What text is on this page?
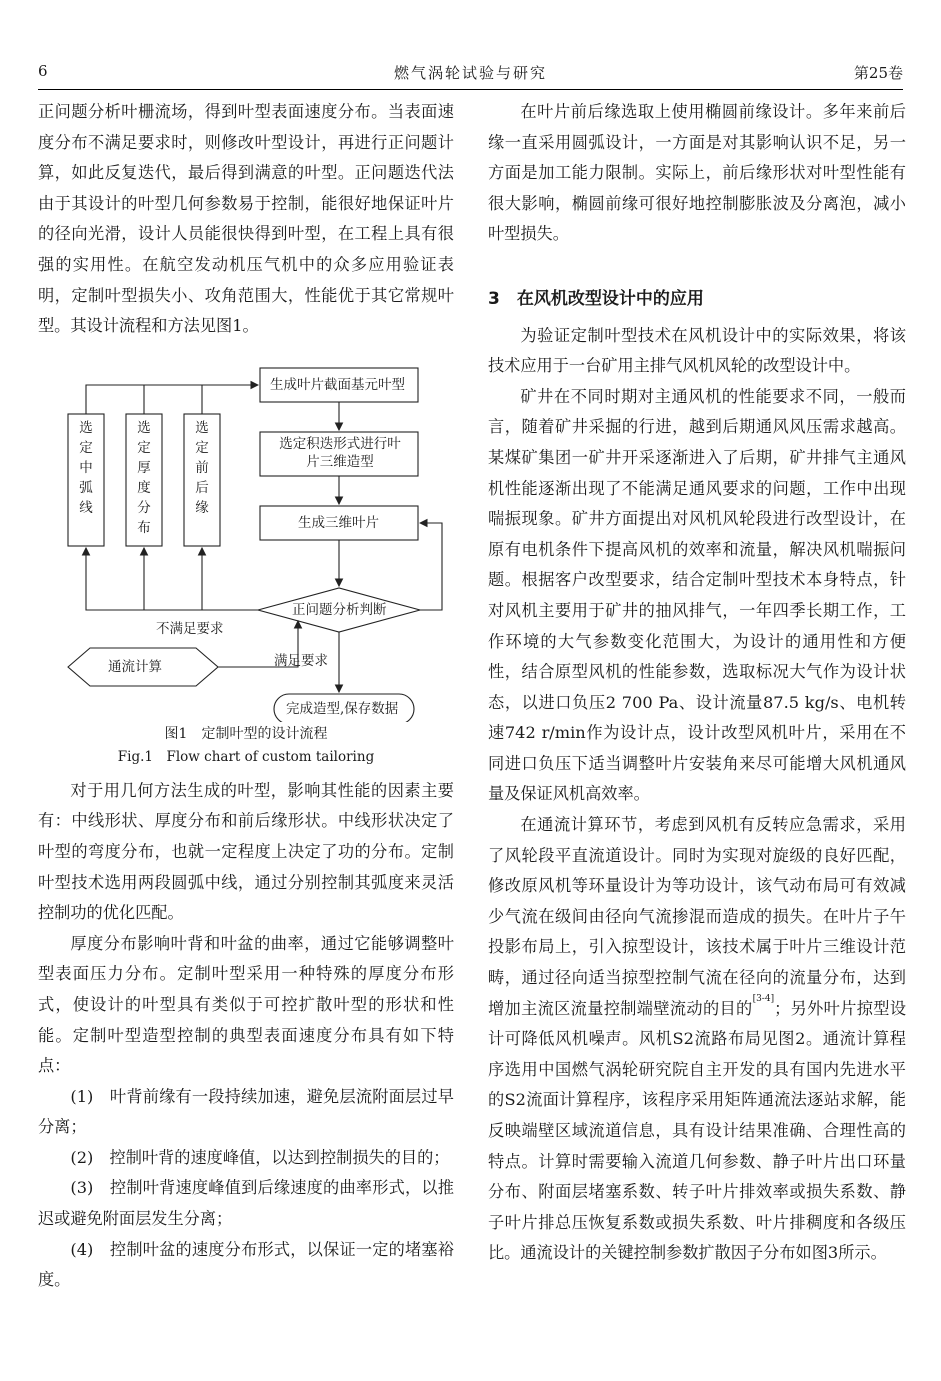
6	燃气涡轮试验与研究	第25卷

正问题分析叶栅流场，得到叶型表面速度分布。当表面速度分布不满足要求时，则修改叶型设计，再进行正问题计算，如此反复迭代，最后得到满意的叶型。正问题迭代法由于其设计的叶型几何参数易于控制，能很好地保证叶片的径向光滑，设计人员能很快得到叶型，在工程上具有很强的实用性。在航空发动机压气机中的众多应用验证表明，定制叶型损失小、攻角范围大，性能优于其它常规叶型。其设计流程和方法见图1。

生成叶片截面基元叶型
选定积迭形式进行叶片三维造型
生成三维叶片
选定中弧线
选定厚度分布
选定前后缘
正问题分析判断
通流计算
不满足要求
满足要求
完成造型,保存数据

图1　定制叶型的设计流程

Fig.1　Flow chart of custom tailoring

对于用几何方法生成的叶型，影响其性能的因素主要有：中线形状、厚度分布和前后缘形状。中线形状决定了叶型的弯度分布，也就一定程度上决定了功的分布。定制叶型技术选用两段圆弧中线，通过分别控制其弧度来灵活控制功的优化匹配。

厚度分布影响叶背和叶盆的曲率，通过它能够调整叶型表面压力分布。定制叶型采用一种特殊的厚度分布形式，使设计的叶型具有类似于可控扩散叶型的形状和性能。定制叶型造型控制的典型表面速度分布具有如下特点：

(1)　叶背前缘有一段持续加速，避免层流附面层过早分离；

(2)　控制叶背的速度峰值，以达到控制损失的目的；

(3)　控制叶背速度峰值到后缘速度的曲率形式，以推迟或避免附面层发生分离；

(4)　控制叶盆的速度分布形式，以保证一定的堵塞裕度。

在叶片前后缘选取上使用椭圆前缘设计。多年来前后缘一直采用圆弧设计，一方面是对其影响认识不足，另一方面是加工能力限制。实际上，前后缘形状对叶型性能有很大影响，椭圆前缘可很好地控制膨胀波及分离泡，减小叶型损失。

3　在风机改型设计中的应用

为验证定制叶型技术在风机设计中的实际效果，将该技术应用于一台矿用主排气风机风轮的改型设计中。

矿井在不同时期对主通风机的性能要求不同，一般而言，随着矿井采掘的行进，越到后期通风风压需求越高。某煤矿集团一矿井开采逐渐进入了后期，矿井排气主通风机性能逐渐出现了不能满足通风要求的问题，工作中出现喘振现象。矿井方面提出对风机风轮段进行改型设计，在原有电机条件下提高风机的效率和流量，解决风机喘振问题。根据客户改型要求，结合定制叶型技术本身特点，针对风机主要用于矿井的抽风排气，一年四季长期工作，工作环境的大气参数变化范围大，为设计的通用性和方便性，结合原型风机的性能参数，选取标况大气作为设计状态，以进口负压2 700 Pa、设计流量87.5 kg/s、电机转速742 r/min作为设计点，设计改型风机叶片，采用在不同进口负压下适当调整叶片安装角来尽可能增大风机通风量及保证风机高效率。

在通流计算环节，考虑到风机有反转应急需求，采用了风轮段平直流道设计。同时为实现对旋级的良好匹配，修改原风机等环量设计为等功设计，该气动布局可有效减少气流在级间由径向气流掺混而造成的损失。在叶片子午投影布局上，引入掠型设计，该技术属于叶片三维设计范畴，通过径向适当掠型控制气流在径向的流量分布，达到增加主流区流量控制端壁流动的目的[3-4]；另外叶片掠型设计可降低风机噪声。风机S2流路布局见图2。通流计算程序选用中国燃气涡轮研究院自主开发的具有国内先进水平的S2流面计算程序，该程序采用矩阵通流法逐站求解，能反映端壁区域流道信息，具有设计结果准确、合理性高的特点。计算时需要输入流道几何参数、静子叶片出口环量分布、附面层堵塞系数、转子叶片排效率或损失系数、静子叶片排总压恢复系数或损失系数、叶片排稠度和各级压比。通流设计的关键控制参数扩散因子分布如图3所示。
